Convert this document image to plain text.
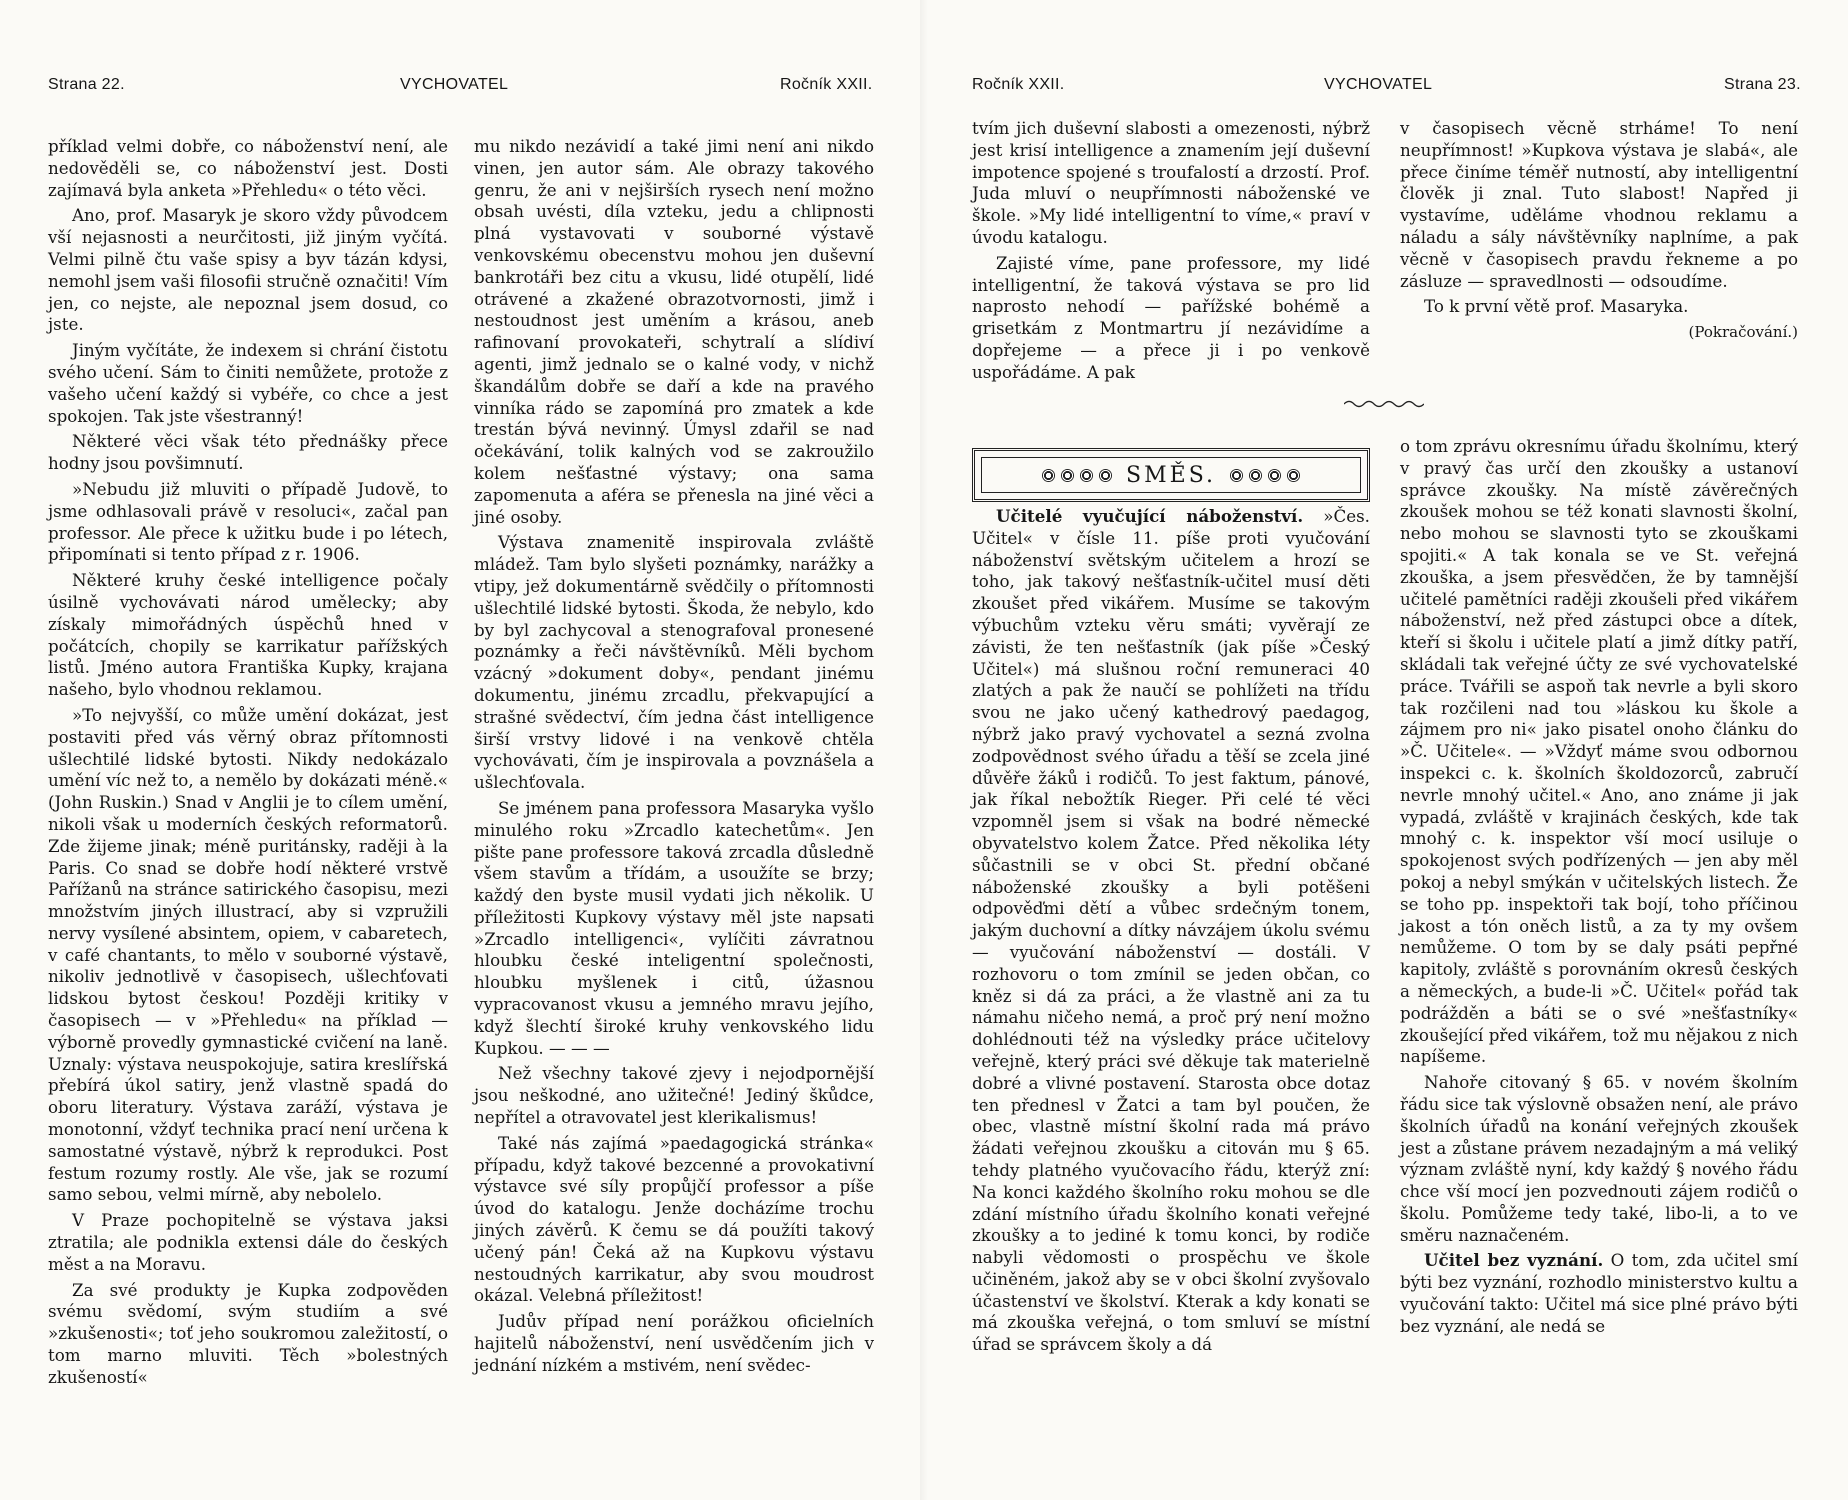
Strana 22.	VYCHOVATEL	Ročník XXII.

příklad velmi dobře, co náboženství není, ale nedověděli se, co náboženství jest. Dosti zajímavá byla anketa »Přehledu« o této věci.

Ano, prof. Masaryk je skoro vždy původcem vší nejasnosti a neurčitosti, již jiným vyčítá. Velmi pilně čtu vaše spisy a byv tázán kdysi, nemohl jsem vaši filosofii stručně označiti! Vím jen, co nejste, ale nepoznal jsem dosud, co jste.

Jiným vyčítáte, že indexem si chrání čistotu svého učení. Sám to činiti nemůžete, protože z vašeho učení každý si vybéře, co chce a jest spokojen. Tak jste všestranný!

Některé věci však této přednášky přece hodny jsou povšimnutí.

»Nebudu již mluviti o případě Judově, to jsme odhlasovali právě v resoluci«, začal pan professor. Ale přece k užitku bude i po létech, připomínati si tento případ z r. 1906.

Některé kruhy české intelligence počaly úsilně vychovávati národ umělecky; aby získaly mimořádných úspěchů hned v počátcích, chopily se karrikatur pařížských listů. Jméno autora Františka Kupky, krajana našeho, bylo vhodnou reklamou.

»To nejvyšší, co může umění dokázat, jest postaviti před vás věrný obraz přítomnosti ušlechtilé lidské bytosti. Nikdy nedokázalo umění víc než to, a nemělo by dokázati méně.« (John Ruskin.) Snad v Anglii je to cílem umění, nikoli však u moderních českých reformatorů. Zde žijeme jinak; méně puritánsky, raději à la Paris. Co snad se dobře hodí některé vrstvě Pařížanů na stránce satirického časopisu, mezi množstvím jiných illustrací, aby si vzpružili nervy vysílené absintem, opiem, v cabaretech, v café chantants, to mělo v souborné výstavě, nikoliv jednotlivě v časopisech, ušlechťovati lidskou bytost českou! Později kritiky v časopisech — v »Přehledu« na příklad — výborně provedly gymnastické cvičení na laně. Uznaly: výstava neuspokojuje, satira kreslířská přebírá úkol satiry, jenž vlastně spadá do oboru literatury. Výstava zaráží, výstava je monotonní, vždyť technika prací není určena k samostatné výstavě, nýbrž k reprodukci. Post festum rozumy rostly. Ale vše, jak se rozumí samo sebou, velmi mírně, aby nebolelo.

V Praze pochopitelně se výstava jaksi ztratila; ale podnikla extensi dále do českých měst a na Moravu.

Za své produkty je Kupka zodpověden svému svědomí, svým studiím a své »zkušenosti«; toť jeho soukromou zaležitostí, o tom marno mluviti. Těch »bolestných zkušeností«

mu nikdo nezávidí a také jimi není ani nikdo vinen, jen autor sám. Ale obrazy takového genru, že ani v nejširších rysech není možno obsah uvésti, díla vzteku, jedu a chlipnosti plná vystavovati v souborné výstavě venkovskému obecenstvu mohou jen duševní bankrotáři bez citu a vkusu, lidé otupělí, lidé otrávené a zkažené obrazotvornosti, jimž i nestoudnost jest uměním a krásou, aneb rafinovaní provokateři, schytralí a slídiví agenti, jimž jednalo se o kalné vody, v nichž škandálům dobře se daří a kde na pravého vinníka rádo se zapomíná pro zmatek a kde trestán bývá nevinný. Úmysl zdařil se nad očekávání, tolik kalných vod se zakroužilo kolem nešťastné výstavy; ona sama zapomenuta a aféra se přenesla na jiné věci a jiné osoby.

Výstava znamenitě inspirovala zvláště mládež. Tam bylo slyšeti poznámky, narážky a vtipy, jež dokumentárně svědčily o přítomnosti ušlechtilé lidské bytosti. Škoda, že nebylo, kdo by byl zachycoval a stenografoval pronesené poznámky a řeči návštěvníků. Měli bychom vzácný »dokument doby«, pendant jinému dokumentu, jinému zrcadlu, překvapující a strašné svědectví, čím jedna část intelligence širší vrstvy lidové i na venkově chtěla vychovávati, čím je inspirovala a povznášela a ušlechťovala.

Se jménem pana professora Masaryka vyšlo minulého roku »Zrcadlo katechetům«. Jen pište pane professore taková zrcadla důsledně všem stavům a třídám, a usoužíte se brzy; každý den byste musil vydati jich několik. U příležitosti Kupkovy výstavy měl jste napsati »Zrcadlo intelligenci«, vylíčiti závratnou hloubku české inteligentní společnosti, hloubku myšlenek i citů, úžasnou vypracovanost vkusu a jemného mravu jejího, když šlechtí široké kruhy venkovského lidu Kupkou. — — —

Než všechny takové zjevy i nejodpornější jsou neškodné, ano užitečné! Jediný škůdce, nepřítel a otravovatel jest klerikalismus!

Také nás zajímá »paedagogická stránka« případu, když takové bezcenné a provokativní výstavce své síly propůjčí professor a píše úvod do katalogu. Jenže docházíme trochu jiných závěrů. K čemu se dá použíti takový učený pán! Čeká až na Kupkovu výstavu nestoudných karrikatur, aby svou moudrost okázal. Velebná příležitost!

Judův případ není porážkou oficielních hajitelů náboženství, není usvědčením jich v jednání nízkém a mstivém, není svědec-

Ročník XXII.	VYCHOVATEL	Strana 23.

tvím jich duševní slabosti a omezenosti, nýbrž jest krisí intelligence a znamením její duševní impotence spojené s troufalostí a drzostí. Prof. Juda mluví o neupřímnosti náboženské ve škole. »My lidé intelligentní to víme,« praví v úvodu katalogu.

Zajisté víme, pane professore, my lidé intelligentní, že taková výstava se pro lid naprosto nehodí — pařížské bohémě a grisetkám z Montmartru jí nezávidíme a dopřejeme — a přece ji i po venkově uspořádáme. A pak

v časopisech věcně strháme! To není neupřímnost! »Kupkova výstava je slabá«, ale přece činíme téměř nutností, aby intelligentní člověk ji znal. Tuto slabost! Napřed ji vystavíme, uděláme vhodnou reklamu a náladu a sály návštěvníky naplníme, a pak věcně v časopisech pravdu řekneme a po zásluze — spravedlnosti — odsoudíme.

To k první větě prof. Masaryka.

(Pokračování.)

SMĚS.

Učitelé vyučující náboženství. »Čes. Učitel« v čísle 11. píše proti vyučování náboženství světským učitelem a hrozí se toho, jak takový nešťastník-učitel musí děti zkoušet před vikářem. Musíme se takovým výbuchům vzteku věru smáti; vyvěrají ze závisti, že ten nešťastník (jak píše »Český Učitel«) má slušnou roční remuneraci 40 zlatých a pak že naučí se pohlížeti na třídu svou ne jako učený kathedrový paedagog, nýbrž jako pravý vychovatel a sezná zvolna zodpovědnost svého úřadu a těší se zcela jiné důvěře žáků i rodičů. To jest faktum, pánové, jak říkal nebožtík Rieger. Při celé té věci vzpomněl jsem si však na bodré německé obyvatelstvo kolem Žatce. Před několika léty sůčastnili se v obci St. přední občané náboženské zkoušky a byli potěšeni odpověďmi dětí a vůbec srdečným tonem, jakým duchovní a dítky návzájem úkolu svému — vyučování náboženství — dostáli. V rozhovoru o tom zmínil se jeden občan, co kněz si dá za práci, a že vlastně ani za tu námahu ničeho nemá, a proč prý není možno dohlédnouti též na výsledky práce učitelovy veřejně, který práci své děkuje tak materielně dobré a vlivné postavení. Starosta obce dotaz ten přednesl v Žatci a tam byl poučen, že obec, vlastně místní školní rada má právo žádati veřejnou zkoušku a citován mu § 65. tehdy platného vyučovacího řádu, kterýž zní: Na konci každého školního roku mohou se dle zdání místního úřadu školního konati veřejné zkoušky a to jediné k tomu konci, by rodiče nabyli vědomosti o prospěchu ve škole učiněném, jakož aby se v obci školní zvyšovalo účastenství ve školství. Kterak a kdy konati se má zkouška veřejná, o tom smluví se místní úřad se správcem školy a dá

o tom zprávu okresnímu úřadu školnímu, který v pravý čas určí den zkoušky a ustanoví správce zkoušky. Na místě závěrečných zkoušek mohou se též konati slavnosti školní, nebo mohou se slavnosti tyto se zkouškami spojiti.« A tak konala se ve St. veřejná zkouška, a jsem přesvědčen, že by tamnější učitelé pamětníci raději zkoušeli před vikářem náboženství, než před zástupci obce a dítek, kteří si školu i učitele platí a jimž dítky patří, skládali tak veřejné účty ze své vychovatelské práce. Tvářili se aspoň tak nevrle a byli skoro tak rozčileni nad tou »láskou ku škole a zájmem pro ni« jako pisatel onoho článku do »Č. Učitele«. — »Vždyť máme svou odbornou inspekci c. k. školních školdozorců, zabručí nevrle mnohý učitel.« Ano, ano známe ji jak vypadá, zvláště v krajinách českých, kde tak mnohý c. k. inspektor vší mocí usiluje o spokojenost svých podřízených — jen aby měl pokoj a nebyl smýkán v učitelských listech. Že se toho pp. inspektoři tak bojí, toho příčinou jakost a tón oněch listů, a za ty my ovšem nemůžeme. O tom by se daly psáti pepřné kapitoly, zvláště s porovnáním okresů českých a německých, a bude-li »Č. Učitel« pořád tak podrážděn a báti se o své »nešťastníky« zkoušející před vikářem, tož mu nějakou z nich napíšeme.

Nahoře citovaný § 65. v novém školním řádu sice tak výslovně obsažen není, ale právo školních úřadů na konání veřejných zkoušek jest a zůstane právem nezadajným a má veliký význam zvláště nyní, kdy každý § nového řádu chce vší mocí jen pozvednouti zájem rodičů o školu. Pomůžeme tedy také, libo-li, a to ve směru naznačeném.

Učitel bez vyznání. O tom, zda učitel smí býti bez vyznání, rozhodlo ministerstvo kultu a vyučování takto: Učitel má sice plné právo býti bez vyznání, ale nedá se
